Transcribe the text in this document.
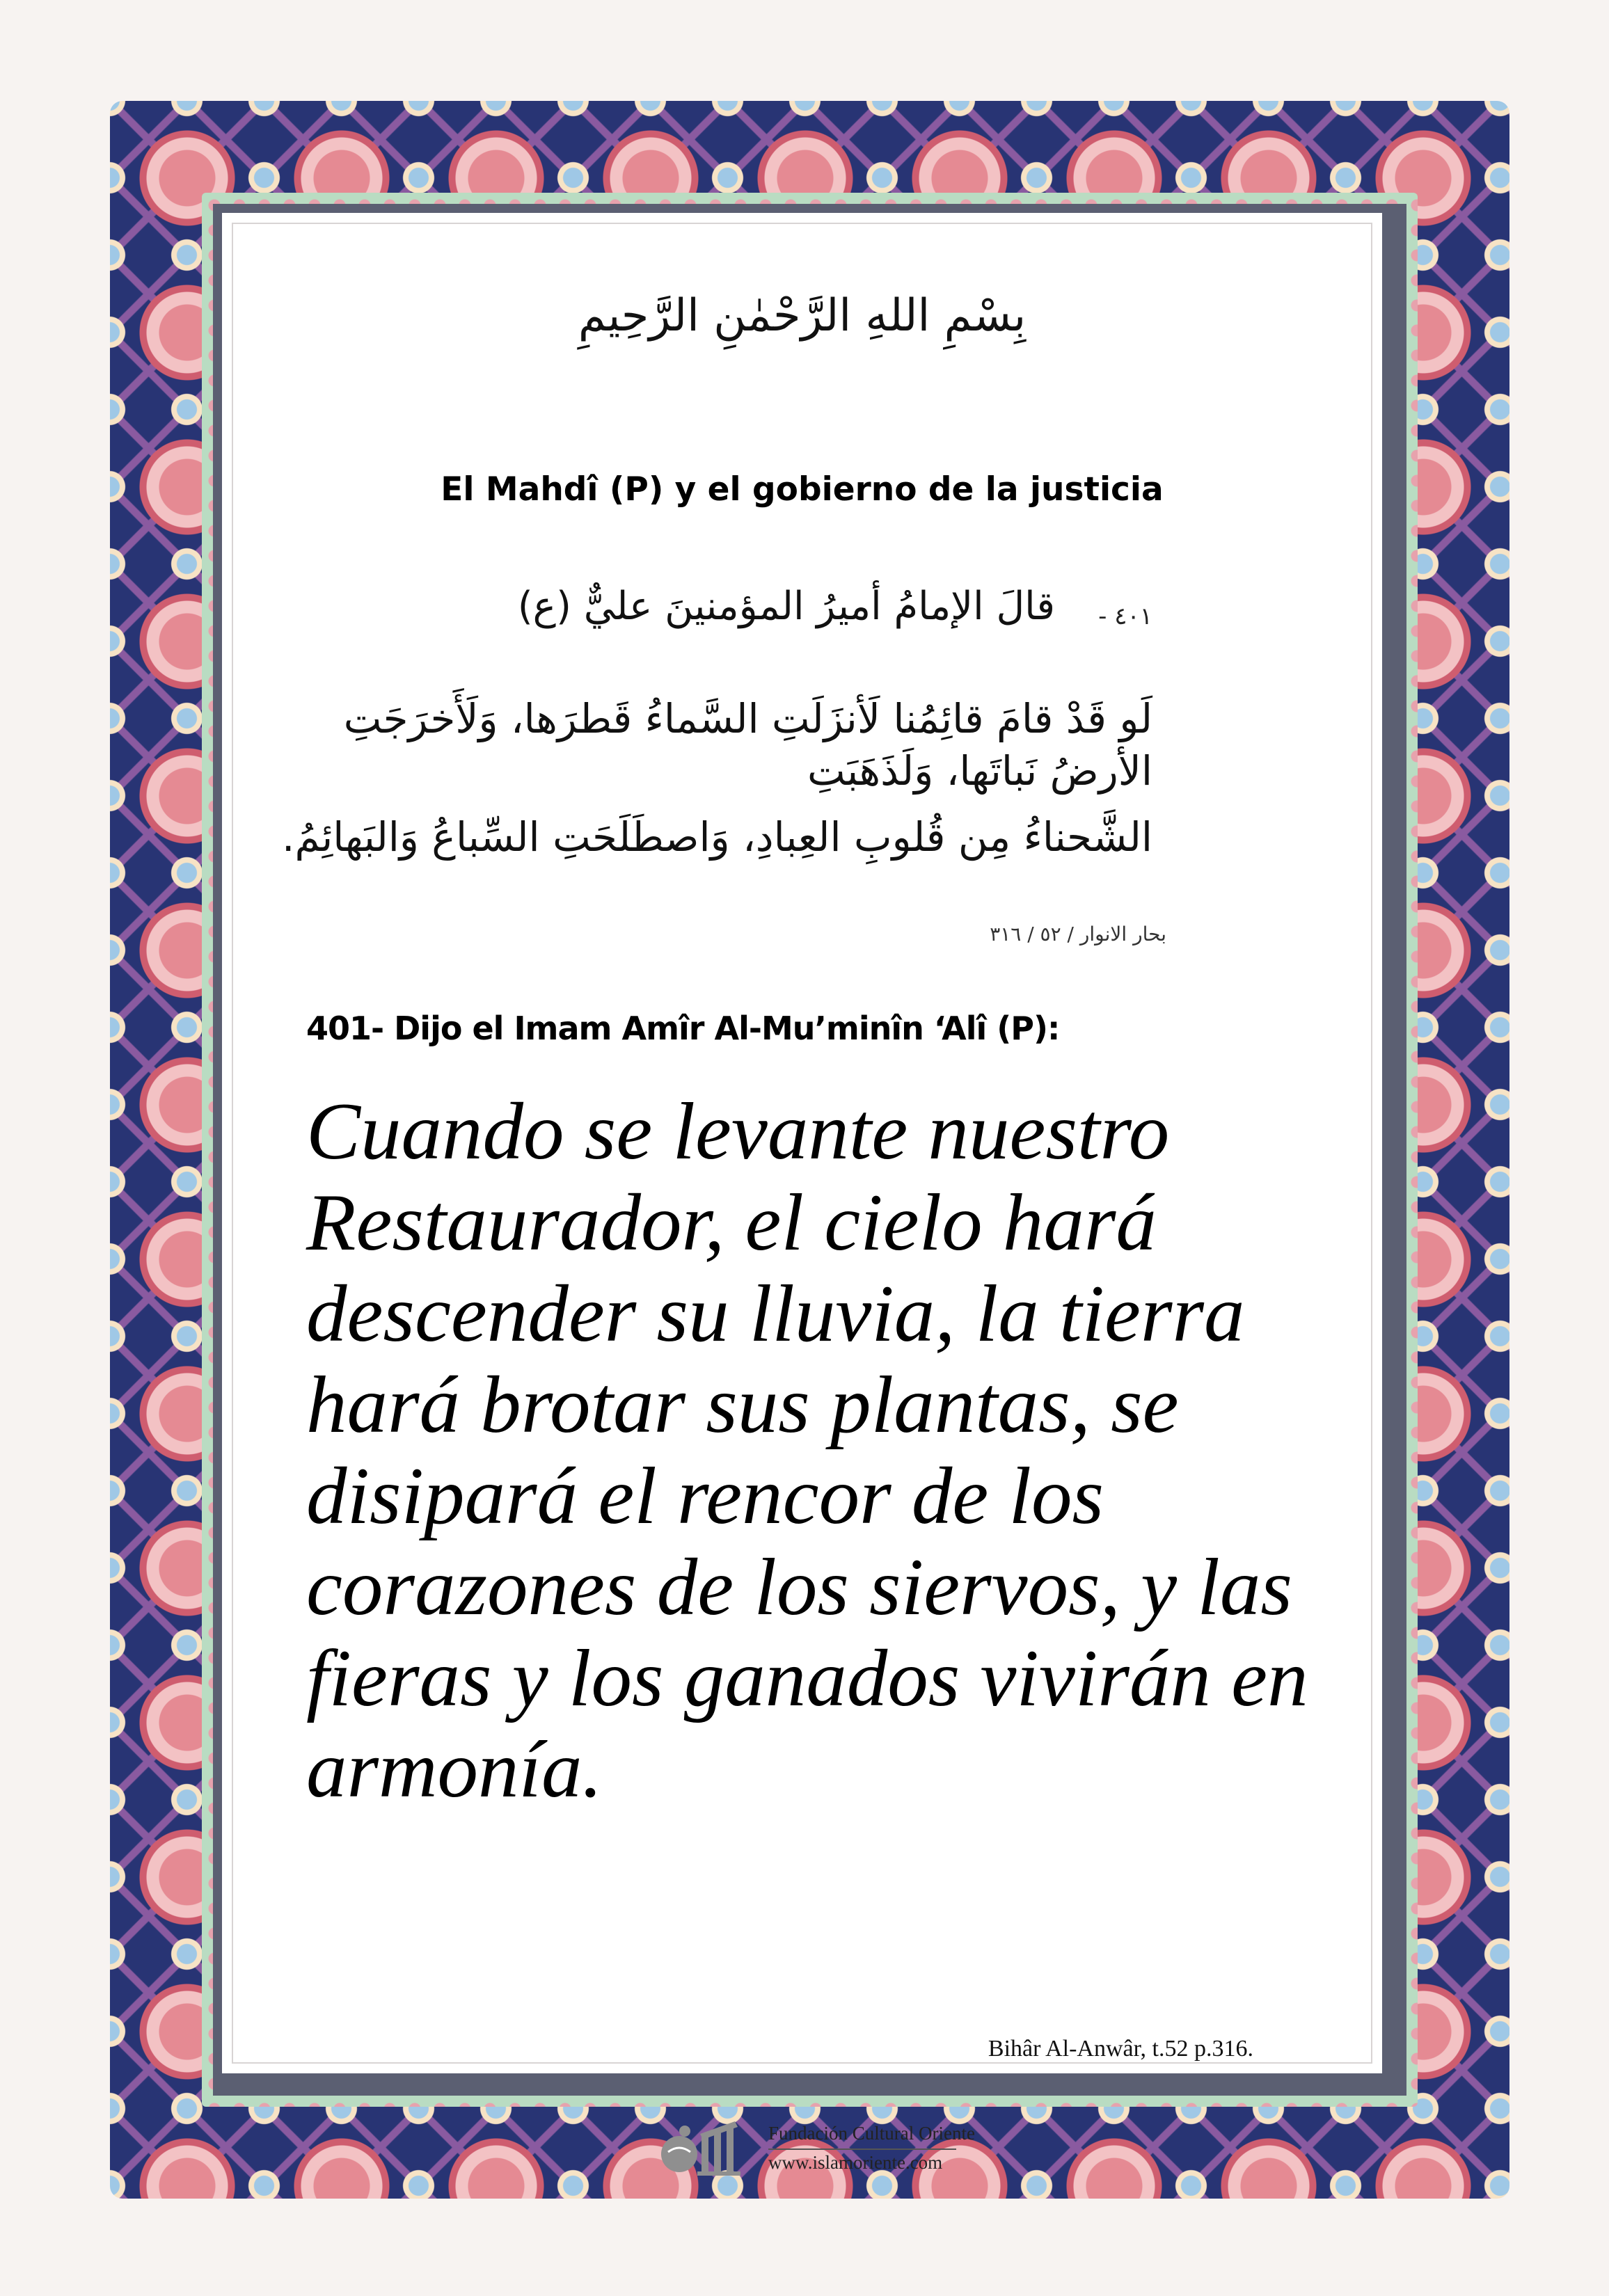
بِسْمِ اللهِ الرَّحْمٰنِ الرَّحِيمِ
El Mahdî (P) y el gobierno de la justicia
٤٠١ -
قالَ الإمامُ أميرُ المؤمنينَ عليٌّ (ع)
لَو قَدْ قامَ قائِمُنا لَأنزَلَتِ السَّماءُ قَطرَها، وَلَأَخرَجَتِ الأرضُ نَباتَها، وَلَذَهَبَتِ
الشَّحناءُ مِن قُلوبِ العِبادِ، وَاصطَلَحَتِ السِّباعُ وَالبَهائِمُ.
بحار الانوار / ٥٢ / ٣١٦
401- Dijo el Imam Amîr Al-Mu’minîn ‘Alî (P):

Cuando se levante nuestro Restaurador, el cielo hará descender su lluvia, la tierra hará brotar sus plantas, se disipará el rencor de los corazones de los siervos, y las fieras y los ganados vivirán en armonía.

Bihâr Al-Anwâr, t.52 p.316.
Fundación Cultural Oriente
www.islamoriente.com
